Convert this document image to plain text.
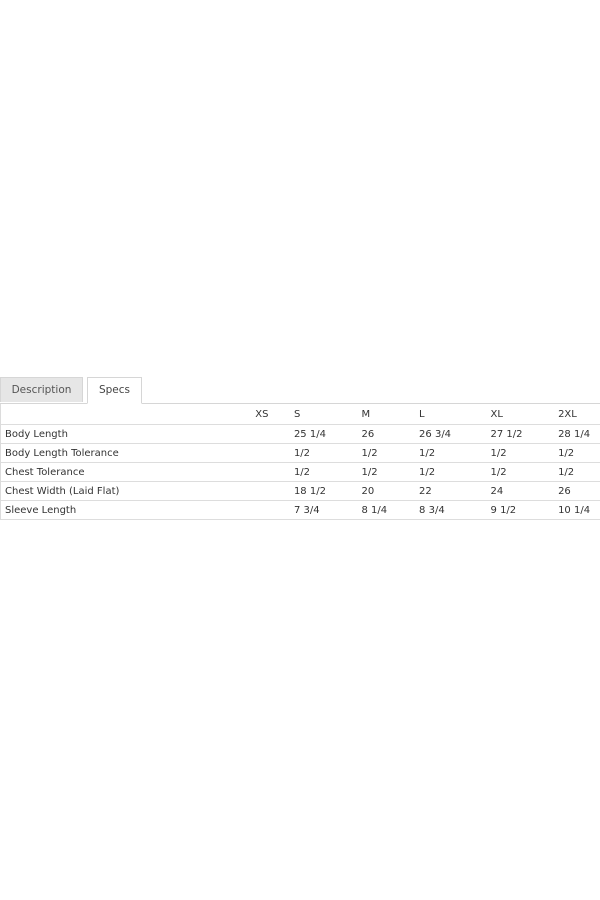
Description	Specs
	XS	S	M	L	XL	2XL
Body Length		25 1/4	26	26 3/4	27 1/2	28 1/4
Body Length Tolerance		1/2	1/2	1/2	1/2	1/2
Chest Tolerance		1/2	1/2	1/2	1/2	1/2
Chest Width (Laid Flat)		18 1/2	20	22	24	26
Sleeve Length		7 3/4	8 1/4	8 3/4	9 1/2	10 1/4
